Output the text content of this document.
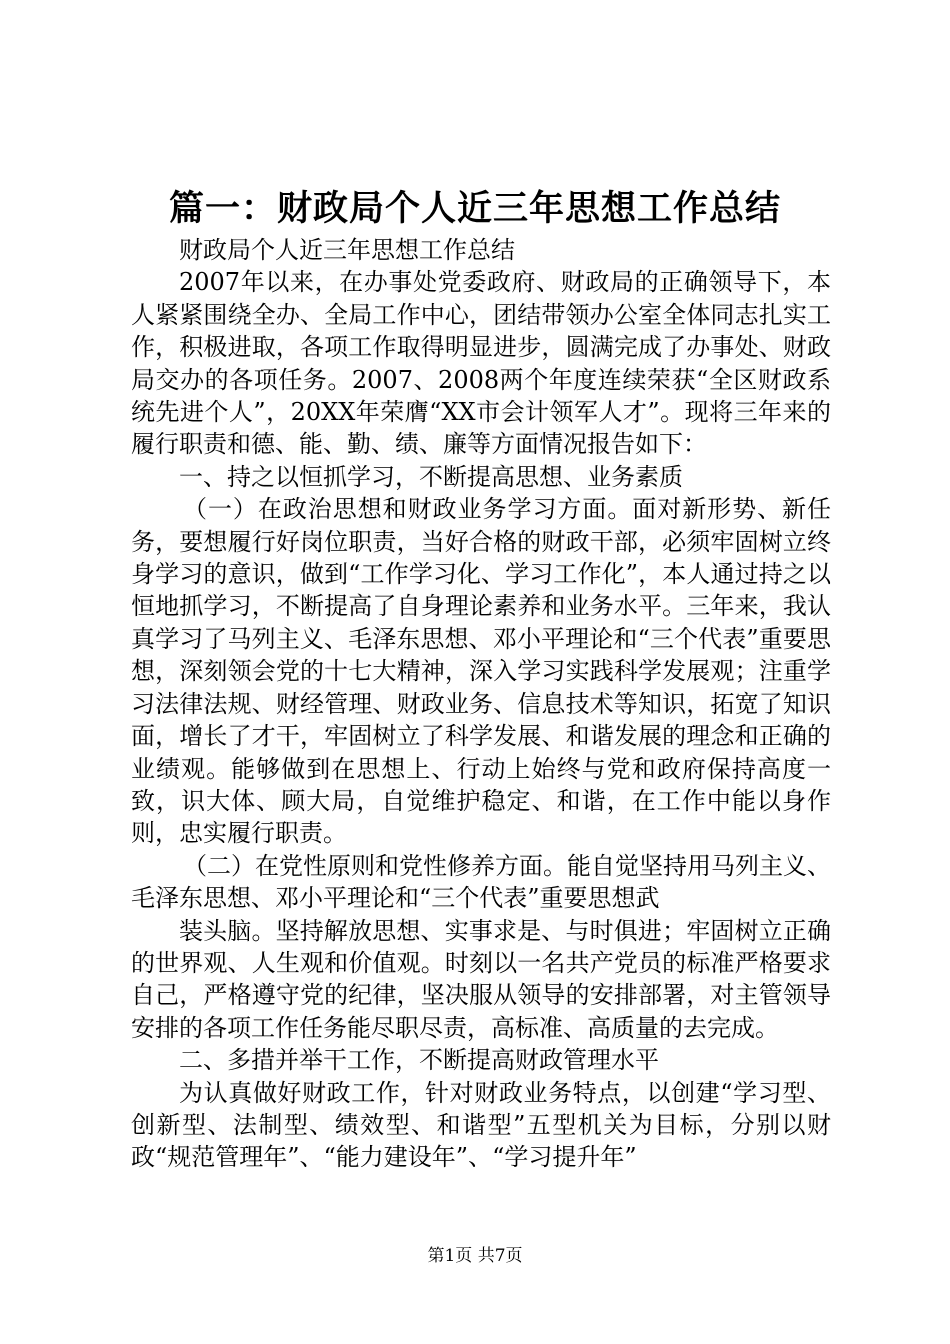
篇一：财政局个人近三年思想工作总结

财政局个人近三年思想工作总结

2007年以来，在办事处党委政府、财政局的正确领导下，本人紧紧围绕全办、全局工作中心，团结带领办公室全体同志扎实工作，积极进取，各项工作取得明显进步，圆满完成了办事处、财政局交办的各项任务。2007、2008两个年度连续荣获“全区财政系统先进个人”，20XX年荣膺“XX市会计领军人才”。现将三年来的履行职责和德、能、勤、绩、廉等方面情况报告如下：

一、持之以恒抓学习，不断提高思想、业务素质

（一）在政治思想和财政业务学习方面。面对新形势、新任务，要想履行好岗位职责，当好合格的财政干部，必须牢固树立终身学习的意识，做到“工作学习化、学习工作化”，本人通过持之以恒地抓学习，不断提高了自身理论素养和业务水平。三年来，我认真学习了马列主义、毛泽东思想、邓小平理论和“三个代表”重要思想，深刻领会党的十七大精神，深入学习实践科学发展观；注重学习法律法规、财经管理、财政业务、信息技术等知识，拓宽了知识面，增长了才干，牢固树立了科学发展、和谐发展的理念和正确的业绩观。能够做到在思想上、行动上始终与党和政府保持高度一致，识大体、顾大局，自觉维护稳定、和谐，在工作中能以身作则，忠实履行职责。

（二）在党性原则和党性修养方面。能自觉坚持用马列主义、毛泽东思想、邓小平理论和“三个代表”重要思想武

装头脑。坚持解放思想、实事求是、与时俱进；牢固树立正确的世界观、人生观和价值观。时刻以一名共产党员的标准严格要求自己，严格遵守党的纪律，坚决服从领导的安排部署，对主管领导安排的各项工作任务能尽职尽责，高标准、高质量的去完成。

二、多措并举干工作，不断提高财政管理水平

为认真做好财政工作，针对财政业务特点，以创建“学习型、创新型、法制型、绩效型、和谐型”五型机关为目标，分别以财政“规范管理年”、“能力建设年”、“学习提升年”

第1页 共7页
